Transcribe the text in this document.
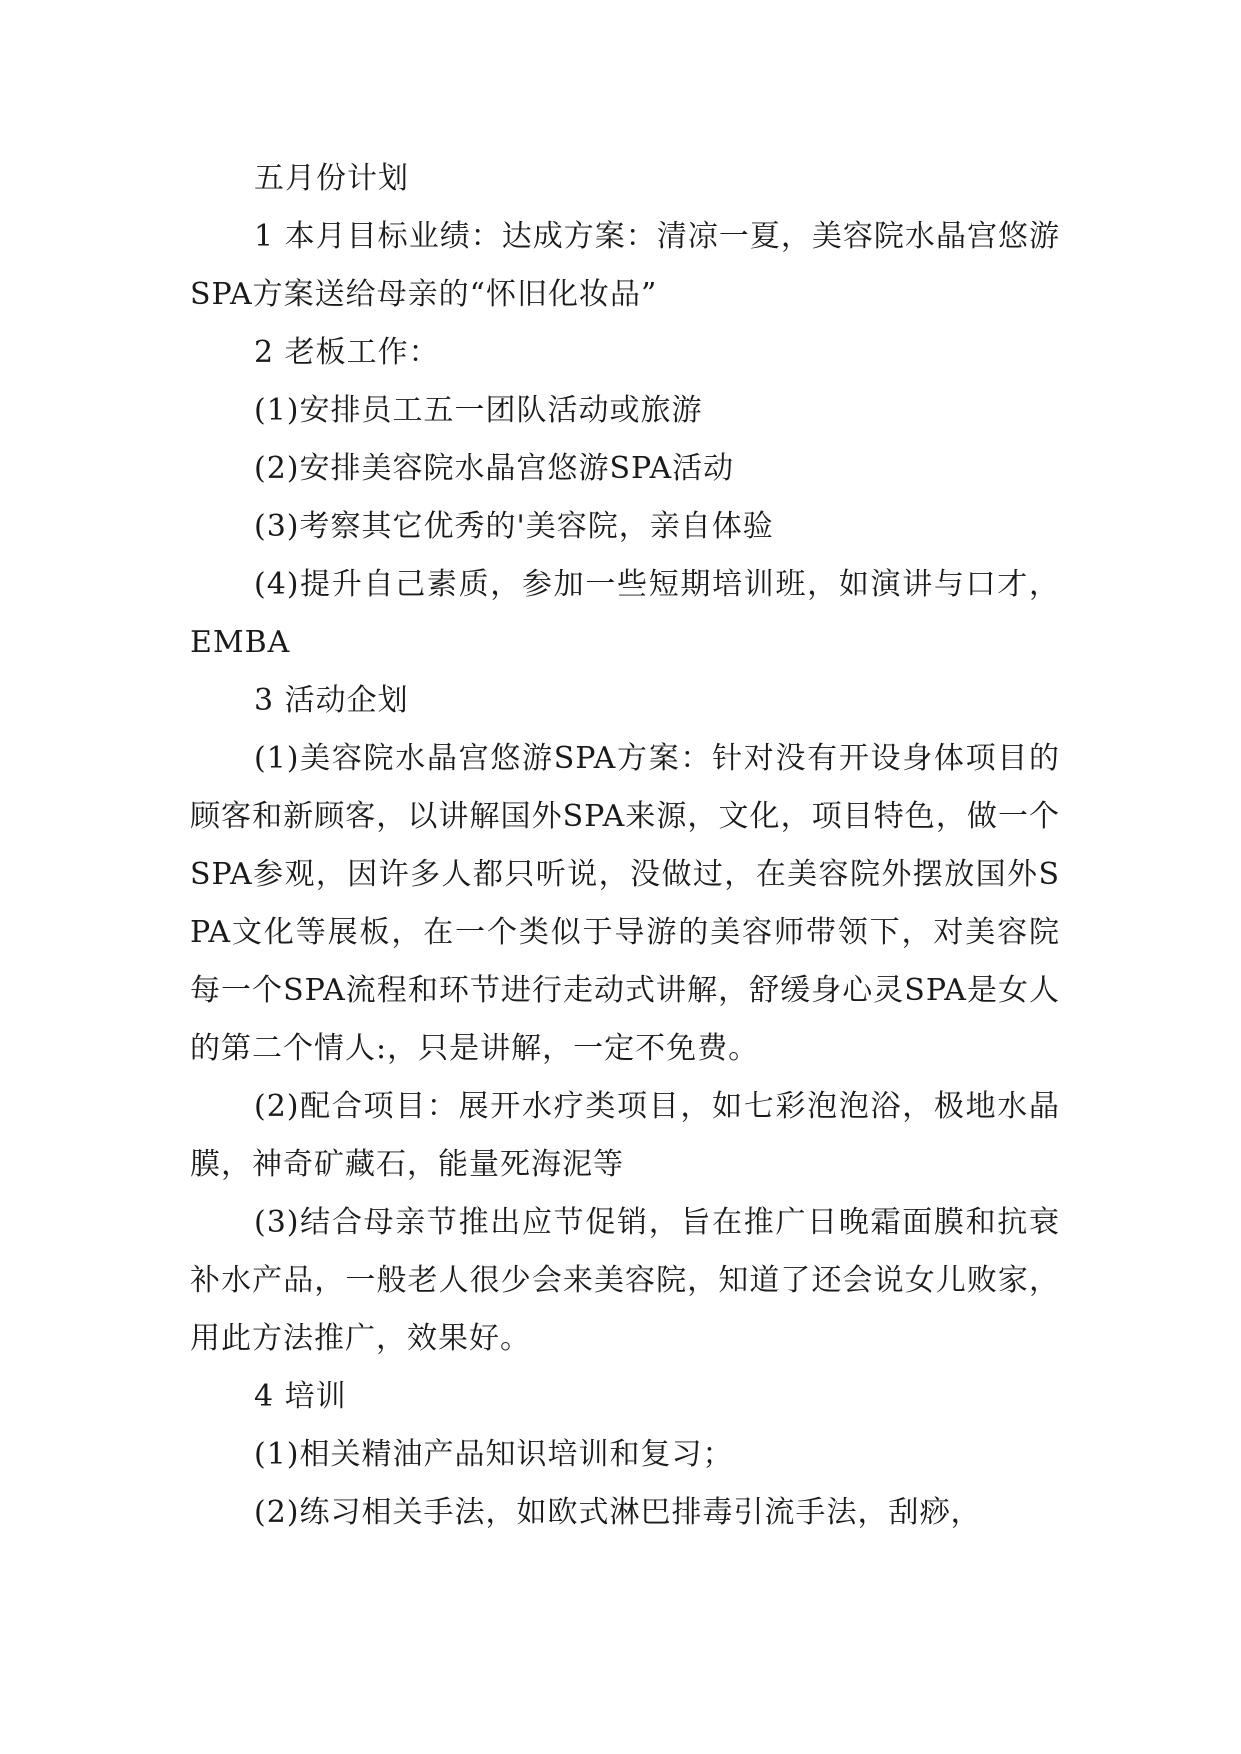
五月份计划

1 本月目标业绩：达成方案：清凉一夏，美容院水晶宫悠游SPA方案送给母亲的“怀旧化妆品”

2 老板工作：

(1)安排员工五一团队活动或旅游

(2)安排美容院水晶宫悠游SPA活动

(3)考察其它优秀的'美容院，亲自体验

(4)提升自己素质，参加一些短期培训班，如演讲与口才，EMBA

3 活动企划

(1)美容院水晶宫悠游SPA方案：针对没有开设身体项目的顾客和新顾客，以讲解国外SPA来源，文化，项目特色，做一个SPA参观，因许多人都只听说，没做过，在美容院外摆放国外SPA文化等展板，在一个类似于导游的美容师带领下，对美容院每一个SPA流程和环节进行走动式讲解，舒缓身心灵SPA是女人的第二个情人:，只是讲解，一定不免费。

(2)配合项目：展开水疗类项目，如七彩泡泡浴，极地水晶膜，神奇矿藏石，能量死海泥等

(3)结合母亲节推出应节促销，旨在推广日晚霜面膜和抗衰补水产品，一般老人很少会来美容院，知道了还会说女儿败家，用此方法推广，效果好。

4 培训

(1)相关精油产品知识培训和复习；

(2)练习相关手法，如欧式淋巴排毒引流手法，刮痧，
